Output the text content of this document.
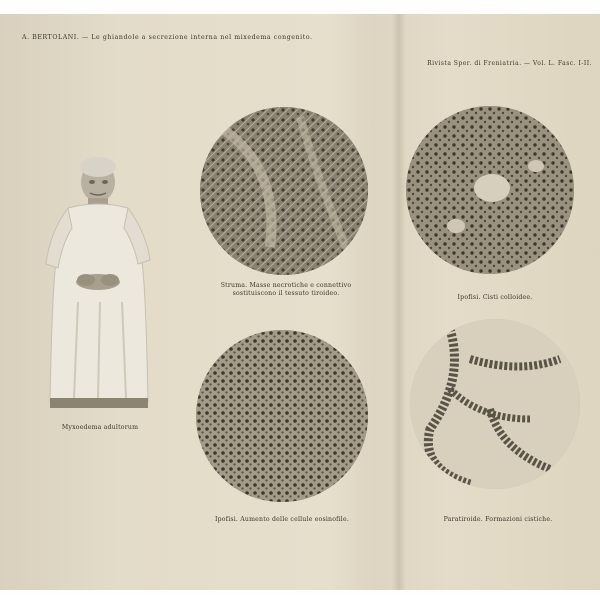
A. BERTOLANI. — Le ghiandole a secrezione interna nel mixedema congenito.
Rivista Sper. di Freniatria. — Vol. L. Fasc. I-II.
Myxoedema adultorum
Struma. Masse necrotiche e connettivo
sostituiscono il tessuto tiroideo.
Ipofisi. Cisti colloidee.
Ipofisi. Aumento delle cellule eosinofile.	Paratiroide. Formazioni cistiche.
